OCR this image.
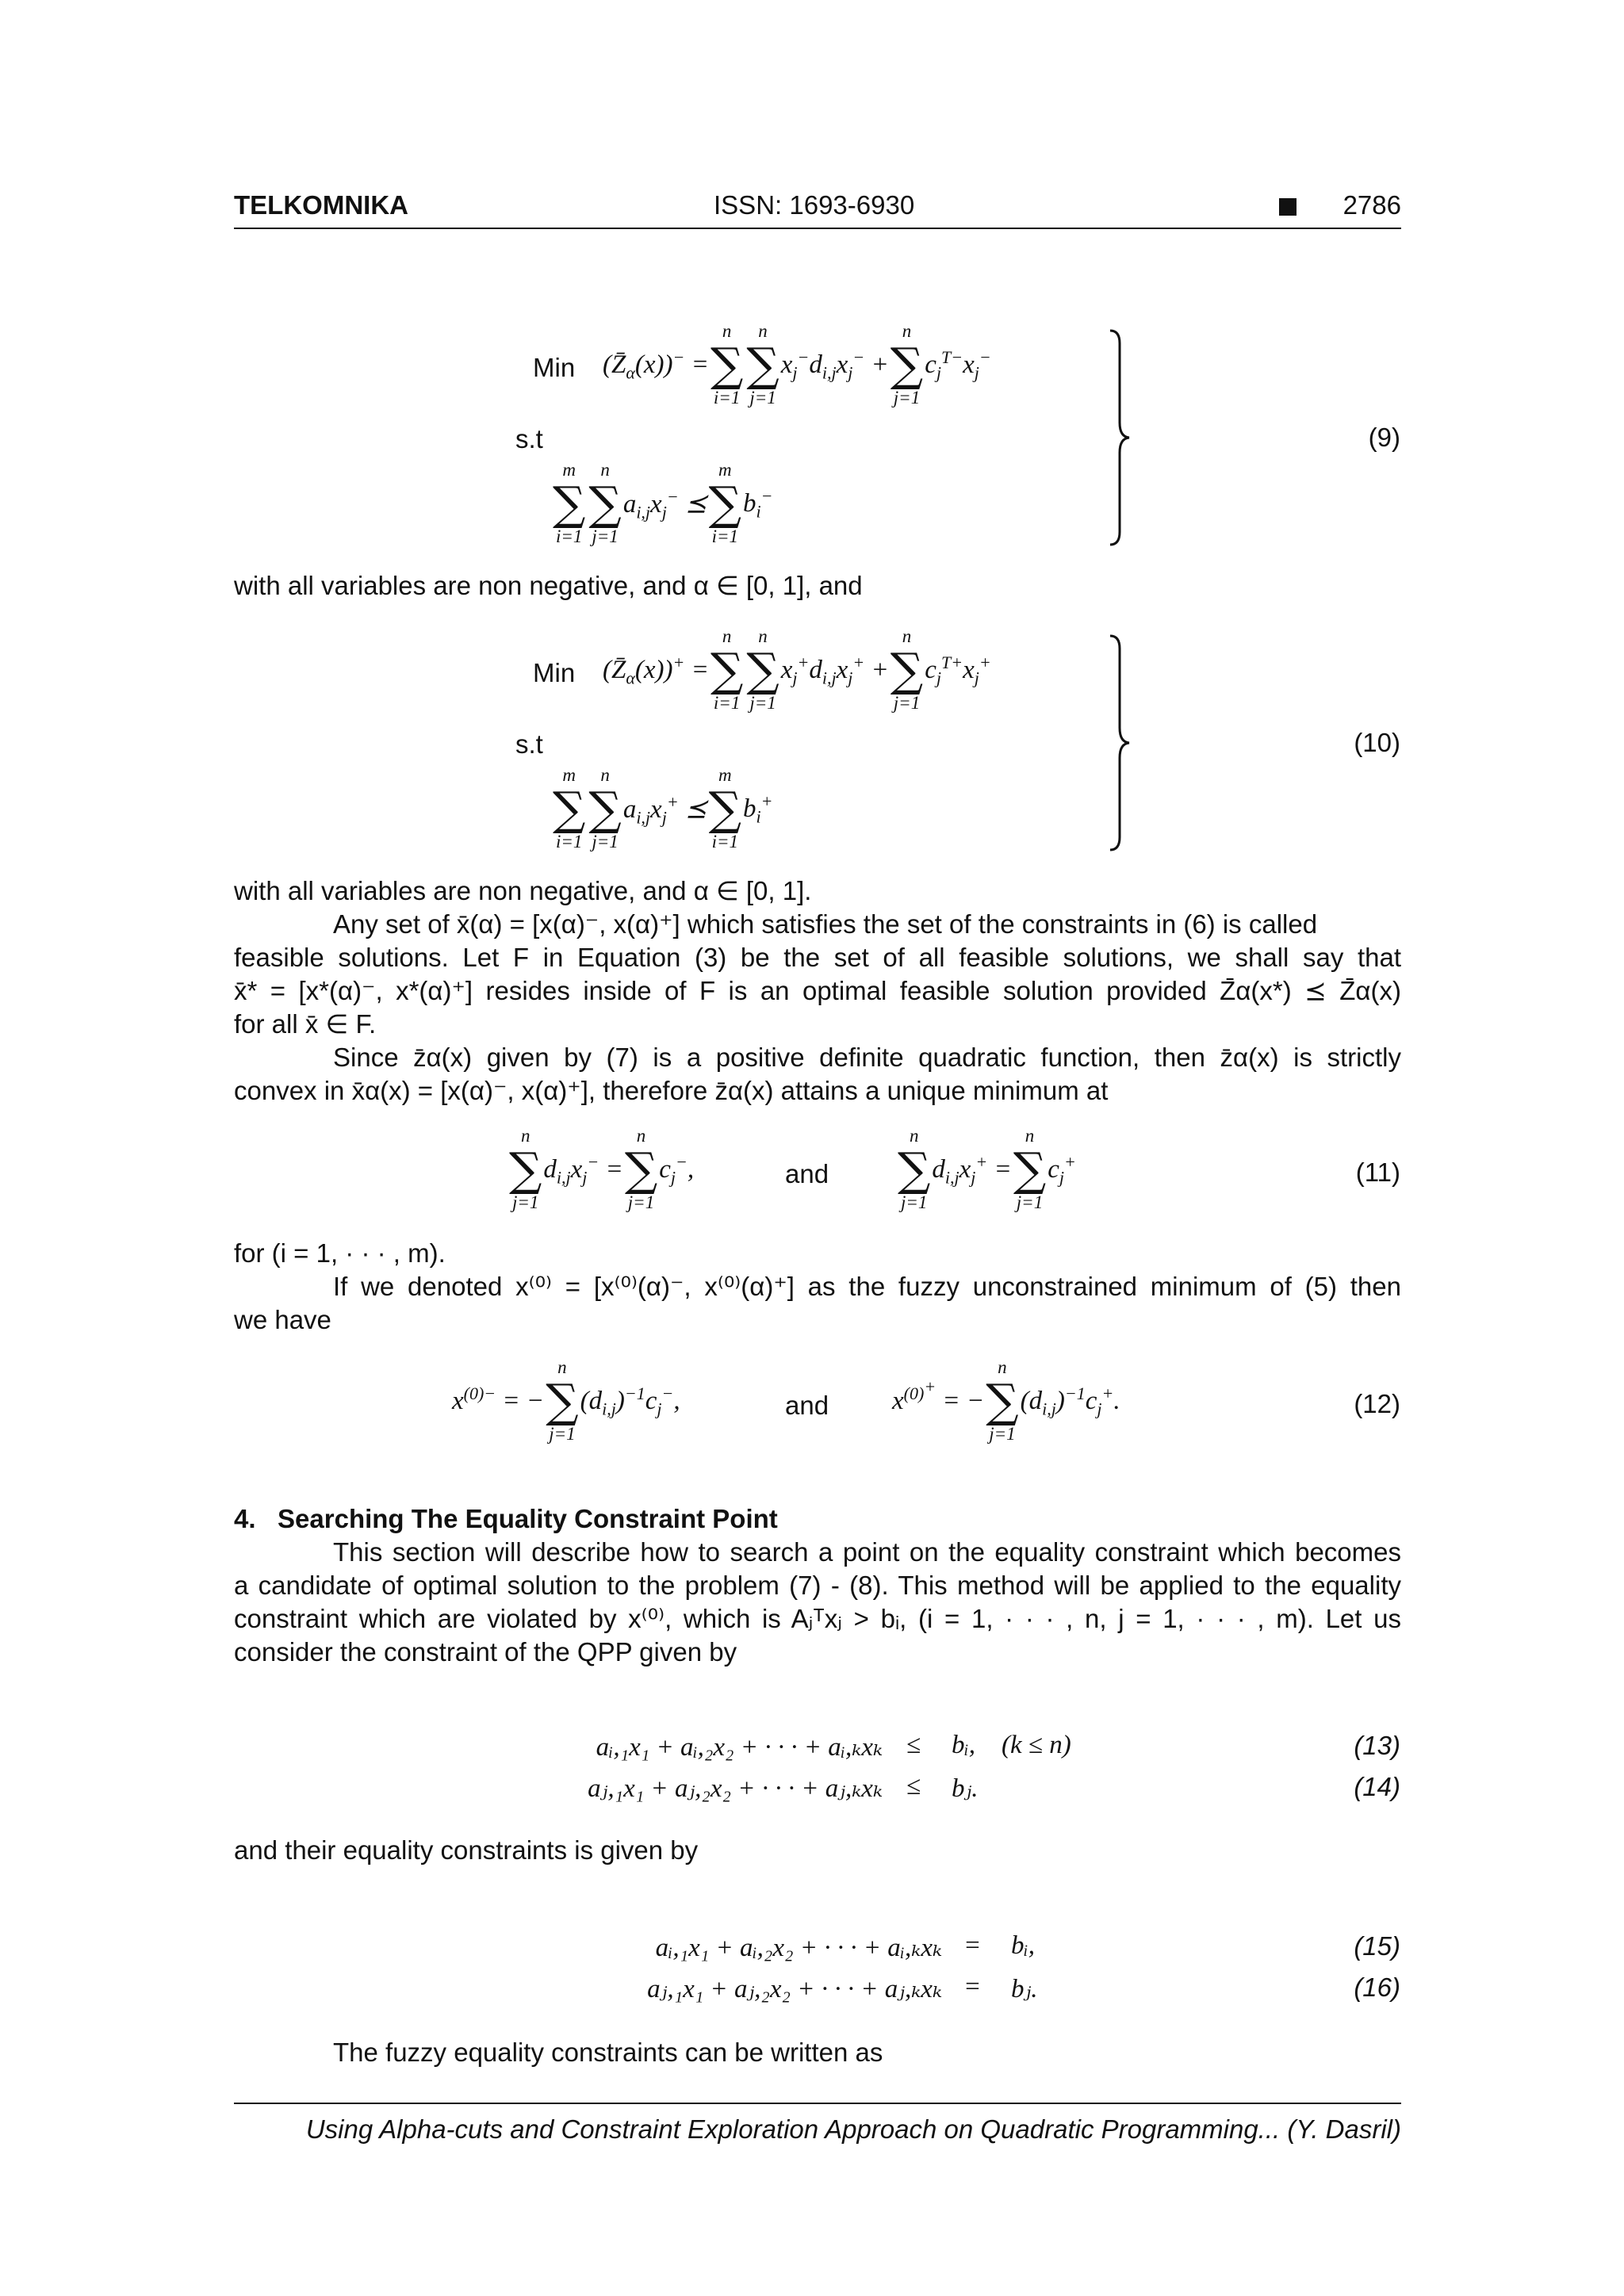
TELKOMNIKA	ISSN: 1693-6930	2786
Min $(Z̄_\alpha(x))^-$ =
n
∑
i=1
n
∑
j=1
$x_j^-d_{i,j}x_j^-$ +
n
∑
j=1
$c_j^{T-}x_j^-$
s.t
m
∑
i=1
n
∑
j=1
$a_{i,j}x_j^-$ ⪯
m
∑
i=1
$b_i^-$
(9)
with all variables are non negative, and α ∈ [0, 1], and
Min $(Z̄_\alpha(x))^+$ =
n
∑
i=1
n
∑
j=1
$x_j^+d_{i,j}x_j^+$ +
n
∑
j=1
$c_j^{T+}x_j^+$
s.t
m
∑
i=1
n
∑
j=1
$a_{i,j}x_j^+$ ⪯
m
∑
i=1
$b_i^+$
(10)
with all variables are non negative, and α ∈ [0, 1].
Any set of x̄(α) = [x(α)⁻, x(α)⁺] which satisfies the set of the constraints in (6) is called
feasible solutions. Let F in Equation (3) be the set of all feasible solutions, we shall say that
x̄* = [x*(α)⁻, x*(α)⁺] resides inside of F is an optimal feasible solution provided Z̄α(x*) ⪯ Z̄α(x)
for all x̄ ∈ F.
Since z̄α(x) given by (7) is a positive definite quadratic function, then z̄α(x) is strictly
convex in x̄α(x) = [x(α)⁻, x(α)⁺], therefore z̄α(x) attains a unique minimum at
n
∑
j=1
$d_{i,j}x_j^-$ =
n
∑
j=1
$c_j^-$,	and
n
∑
j=1
$d_{i,j}x_j^+$ =
n
∑
j=1
$c_j^+$	(11)
for (i = 1, · · · , m).
If we denoted x⁽⁰⁾ = [x⁽⁰⁾(α)⁻, x⁽⁰⁾(α)⁺] as the fuzzy unconstrained minimum of (5) then
we have
$x^{(0)-}$ = −
n
∑
j=1
$(d_{i,j})^{-1}c_j^-$,	and $x^{(0)^+}$ = −
n
∑
j=1
$(d_{i,j})^{-1}c_j^+$.	(12)
4.   Searching The Equality Constraint Point
This section will describe how to search a point on the equality constraint which becomes
a candidate of optimal solution to the problem (7) - (8). This method will be applied to the equality
constraint which are violated by x⁽⁰⁾, which is Aⱼᵀxⱼ > bᵢ, (i = 1, · · · , n, j = 1, · · · , m). Let us
consider the constraint of the QPP given by
aᵢ,₁x₁ + aᵢ,₂x₂ + · · · + aᵢ,ₖxₖ ≤ bᵢ,    (k ≤ n)	(13)
aⱼ,₁x₁ + aⱼ,₂x₂ + · · · + aⱼ,ₖxₖ ≤ bⱼ.	(14)
and their equality constraints is given by
aᵢ,₁x₁ + aᵢ,₂x₂ + · · · + aᵢ,ₖxₖ = bᵢ,	(15)
aⱼ,₁x₁ + aⱼ,₂x₂ + · · · + aⱼ,ₖxₖ = bⱼ.	(16)
The fuzzy equality constraints can be written as
Using Alpha-cuts and Constraint Exploration Approach on Quadratic Programming... (Y. Dasril)
